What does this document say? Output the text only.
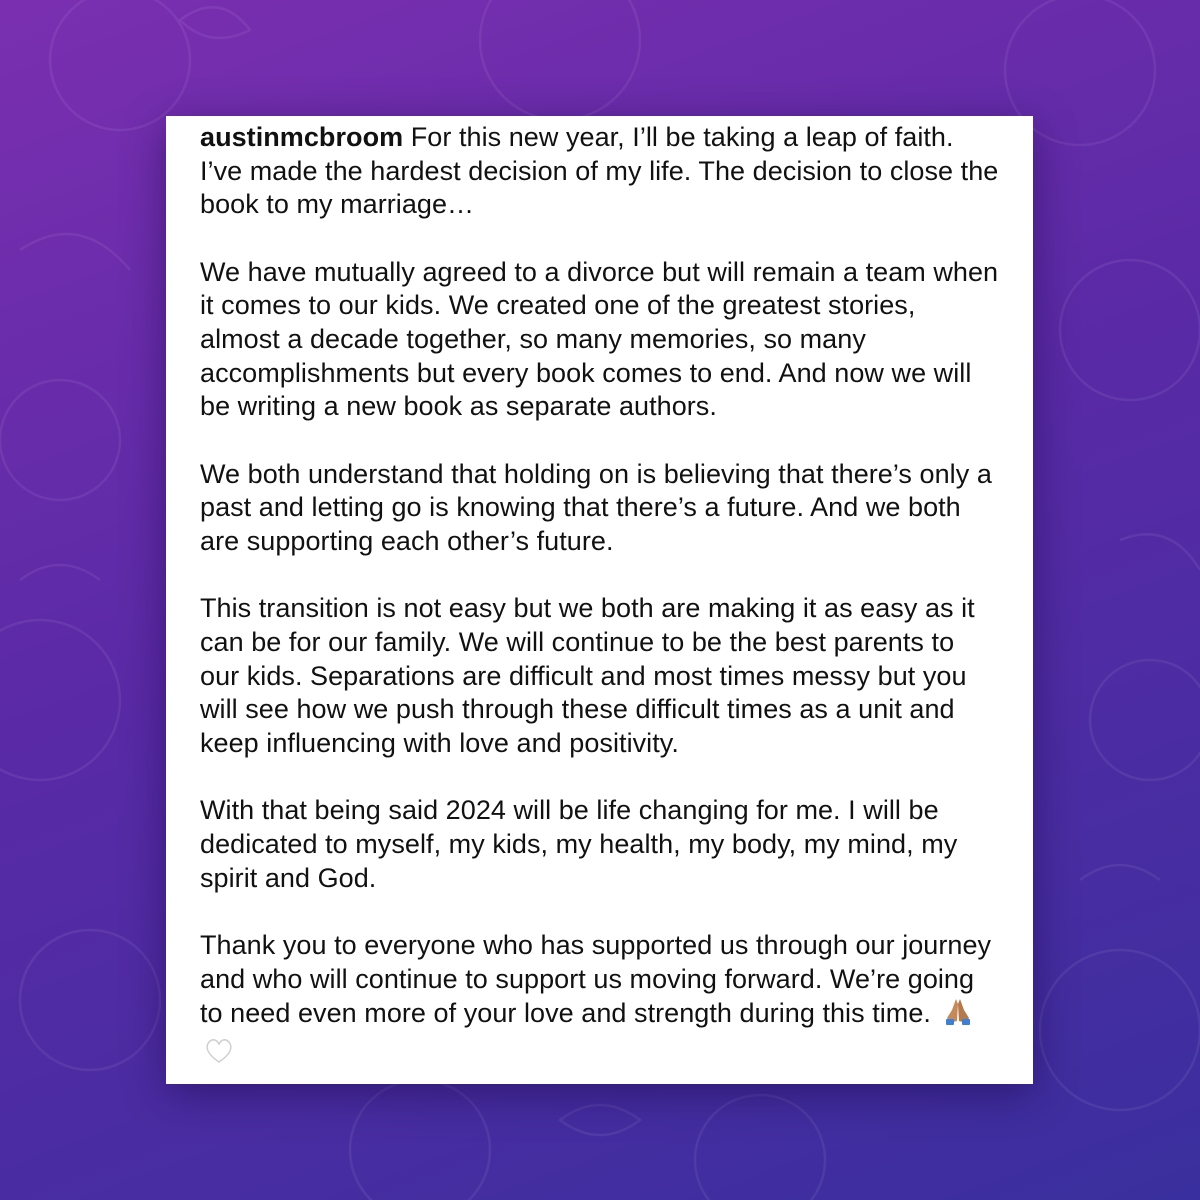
austinmcbroom For this new year, I’ll be taking a leap of faith. I’ve made the hardest decision of my life. The decision to close the book to my marriage…

We have mutually agreed to a divorce but will remain a team when it comes to our kids. We created one of the greatest stories, almost a decade together, so many memories, so many accomplishments but every book comes to end. And now we will be writing a new book as separate authors.

We both understand that holding on is believing that there’s only a past and letting go is knowing that there’s a future. And we both are supporting each other’s future.

This transition is not easy but we both are making it as easy as it can be for our family. We will continue to be the best parents to our kids. Separations are difficult and most times messy but you will see how we push through these difficult times as a unit and keep influencing with love and positivity.

With that being said 2024 will be life changing for me. I will be dedicated to myself, my kids, my health, my body, my mind, my spirit and God.

Thank you to everyone who has supported us through our journey and who will continue to support us moving forward. We’re going to need even more of your love and strength during this time.
